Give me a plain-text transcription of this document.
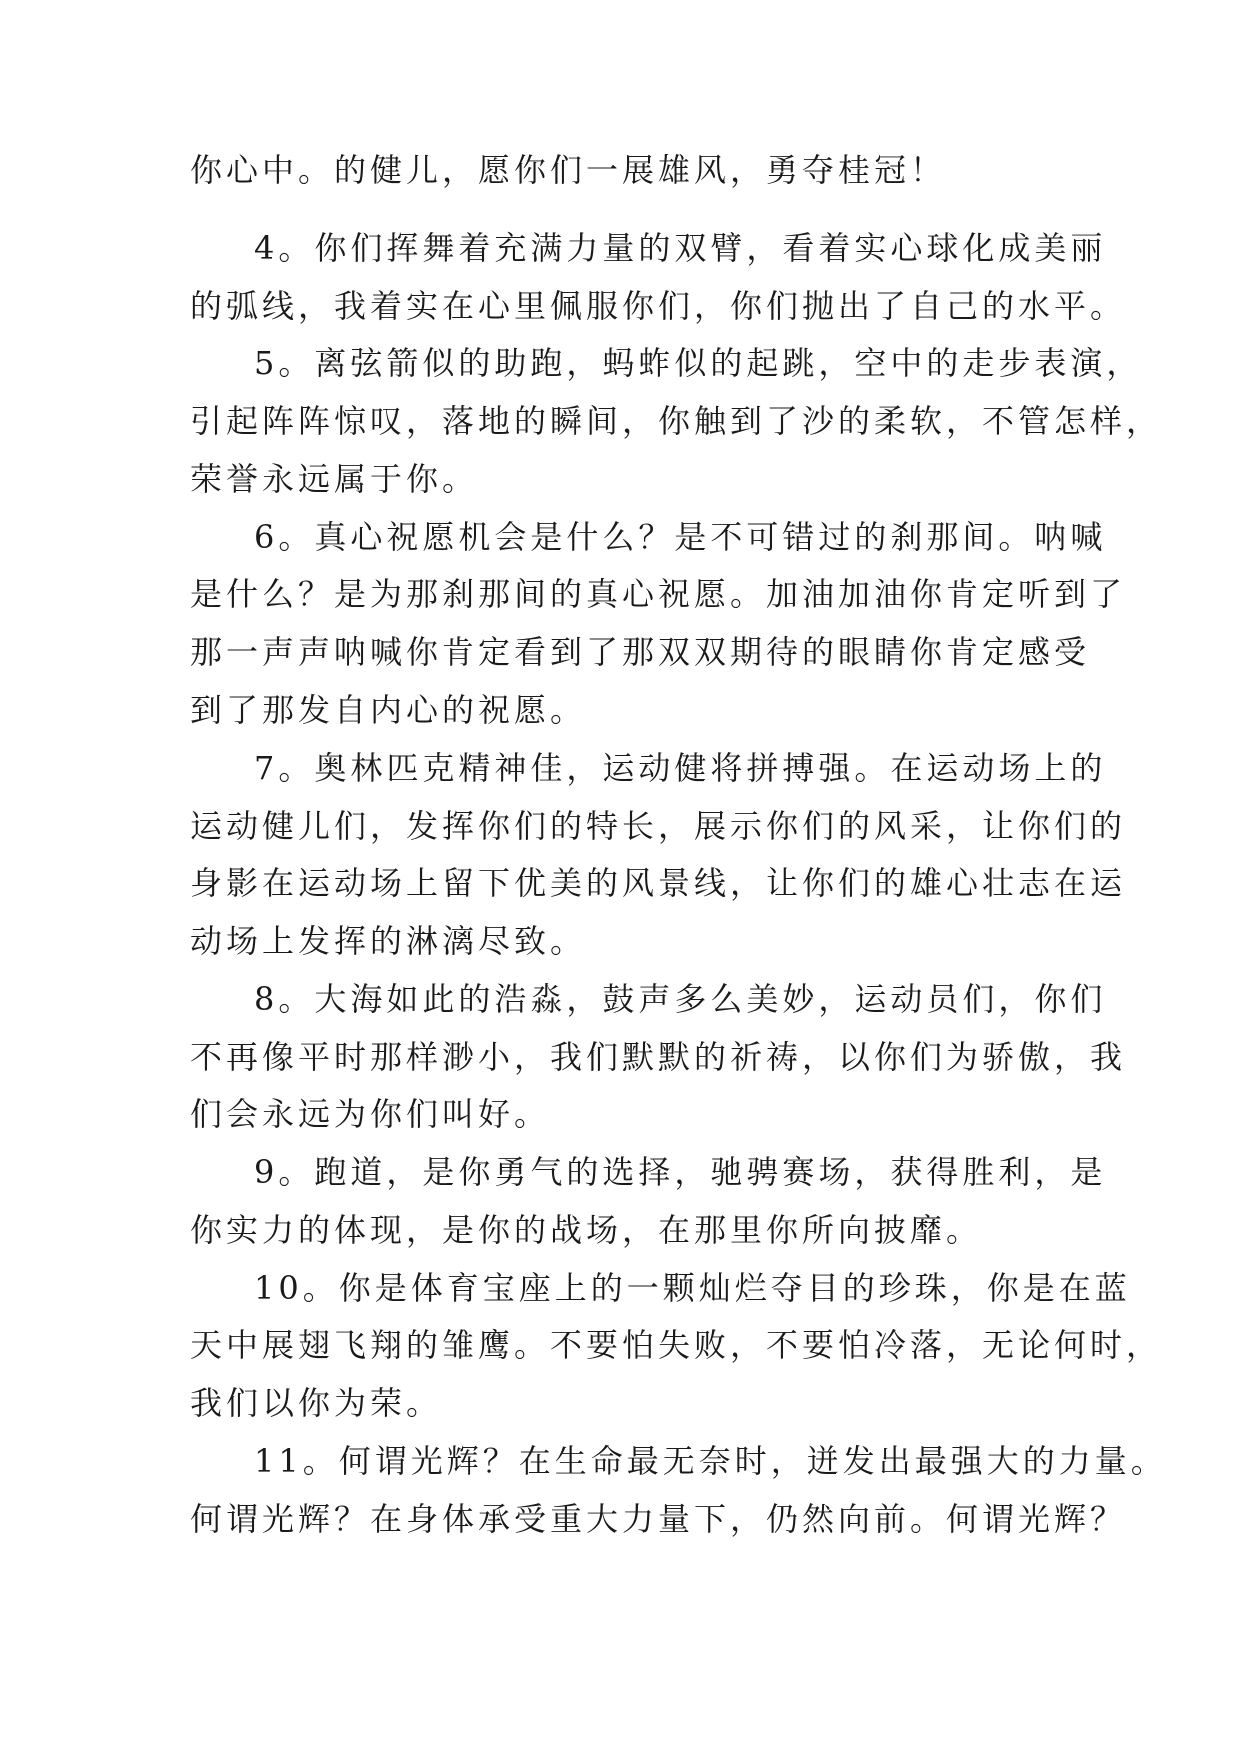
你心中。的健儿，愿你们一展雄风，勇夺桂冠！
4。你们挥舞着充满力量的双臂，看着实心球化成美丽
的弧线，我着实在心里佩服你们，你们抛出了自己的水平。
5。离弦箭似的助跑，蚂蚱似的起跳，空中的走步表演，
引起阵阵惊叹，落地的瞬间，你触到了沙的柔软，不管怎样，
荣誉永远属于你。
6。真心祝愿机会是什么？是不可错过的刹那间。呐喊
是什么？是为那刹那间的真心祝愿。加油加油你肯定听到了
那一声声呐喊你肯定看到了那双双期待的眼睛你肯定感受
到了那发自内心的祝愿。
7。奥林匹克精神佳，运动健将拼搏强。在运动场上的
运动健儿们，发挥你们的特长，展示你们的风采，让你们的
身影在运动场上留下优美的风景线，让你们的雄心壮志在运
动场上发挥的淋漓尽致。
8。大海如此的浩淼，鼓声多么美妙，运动员们，你们
不再像平时那样渺小，我们默默的祈祷，以你们为骄傲，我
们会永远为你们叫好。
9。跑道，是你勇气的选择，驰骋赛场，获得胜利，是
你实力的体现，是你的战场，在那里你所向披靡。
10。你是体育宝座上的一颗灿烂夺目的珍珠，你是在蓝
天中展翅飞翔的雏鹰。不要怕失败，不要怕冷落，无论何时，
我们以你为荣。
11。何谓光辉？在生命最无奈时，迸发出最强大的力量。
何谓光辉？在身体承受重大力量下，仍然向前。何谓光辉？
